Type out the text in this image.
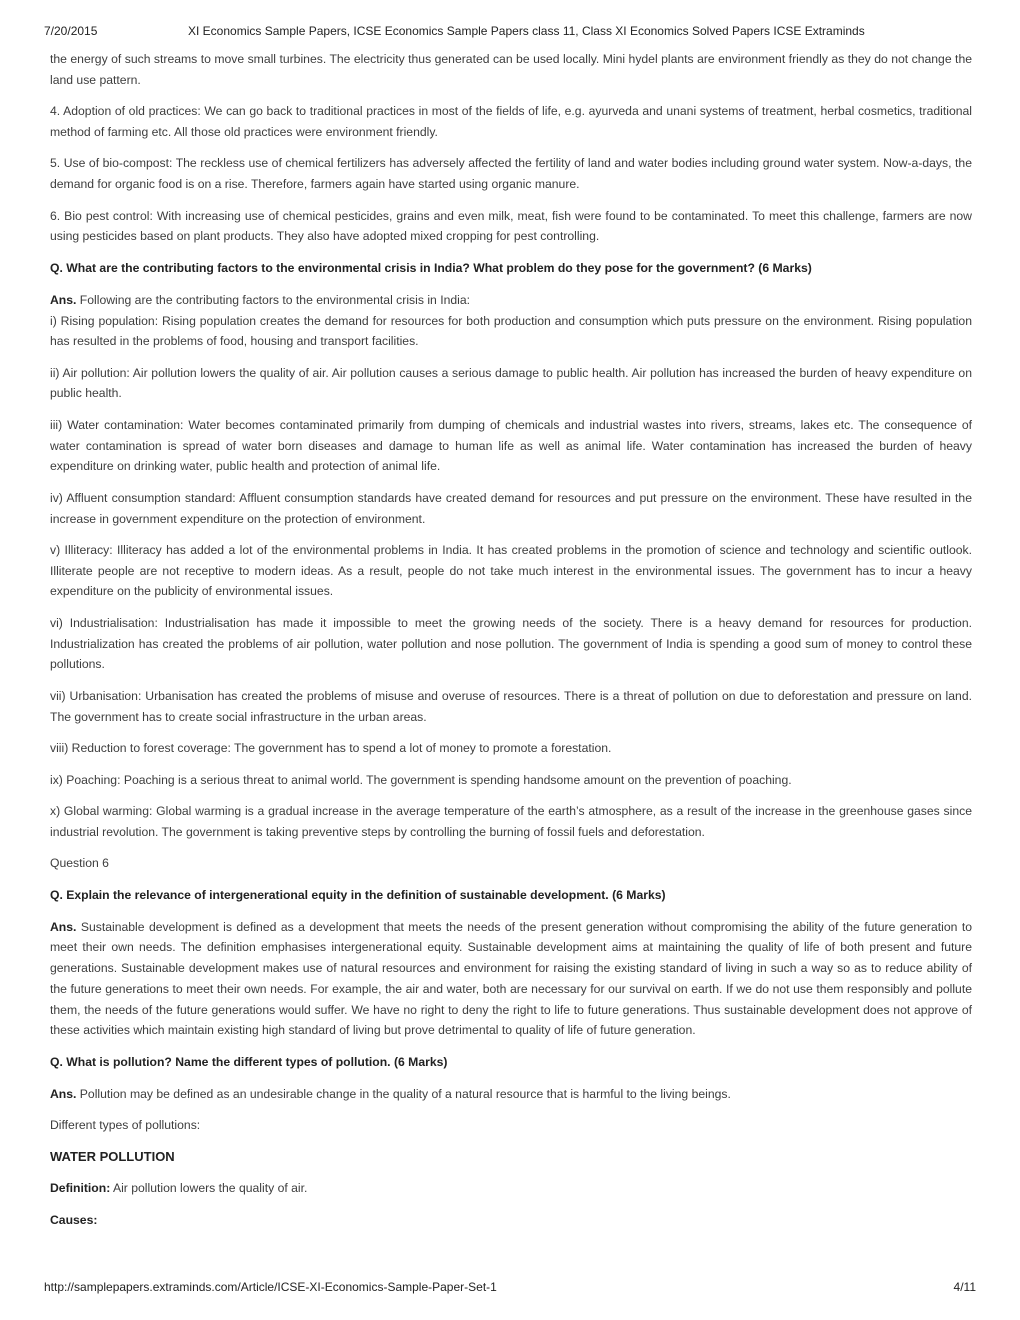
7/20/2015	XI Economics Sample Papers, ICSE Economics Sample Papers class 11, Class XI Economics Solved Papers ICSE Extraminds

the energy of such streams to move small turbines. The electricity thus generated can be used locally. Mini hydel plants are environment friendly as they do not change the land use pattern.

4. Adoption of old practices: We can go back to traditional practices in most of the fields of life, e.g. ayurveda and unani systems of treatment, herbal cosmetics, traditional method of farming etc. All those old practices were environment friendly.

5. Use of bio-compost: The reckless use of chemical fertilizers has adversely affected the fertility of land and water bodies including ground water system. Now-a-days, the demand for organic food is on a rise. Therefore, farmers again have started using organic manure.

6. Bio pest control: With increasing use of chemical pesticides, grains and even milk, meat, fish were found to be contaminated. To meet this challenge, farmers are now using pesticides based on plant products. They also have adopted mixed cropping for pest controlling.

Q. What are the contributing factors to the environmental crisis in India? What problem do they pose for the government? (6 Marks)

Ans. Following are the contributing factors to the environmental crisis in India:

i) Rising population: Rising population creates the demand for resources for both production and consumption which puts pressure on the environment. Rising population has resulted in the problems of food, housing and transport facilities.

ii) Air pollution: Air pollution lowers the quality of air. Air pollution causes a serious damage to public health. Air pollution has increased the burden of heavy expenditure on public health.

iii) Water contamination: Water becomes contaminated primarily from dumping of chemicals and industrial wastes into rivers, streams, lakes etc. The consequence of water contamination is spread of water born diseases and damage to human life as well as animal life. Water contamination has increased the burden of heavy expenditure on drinking water, public health and protection of animal life.

iv) Affluent consumption standard: Affluent consumption standards have created demand for resources and put pressure on the environment. These have resulted in the increase in government expenditure on the protection of environment.

v) Illiteracy: Illiteracy has added a lot of the environmental problems in India. It has created problems in the promotion of science and technology and scientific outlook. Illiterate people are not receptive to modern ideas. As a result, people do not take much interest in the environmental issues. The government has to incur a heavy expenditure on the publicity of environmental issues.

vi) Industrialisation: Industrialisation has made it impossible to meet the growing needs of the society. There is a heavy demand for resources for production. Industrialization has created the problems of air pollution, water pollution and nose pollution. The government of India is spending a good sum of money to control these pollutions.

vii) Urbanisation: Urbanisation has created the problems of misuse and overuse of resources. There is a threat of pollution on due to deforestation and pressure on land. The government has to create social infrastructure in the urban areas.

viii) Reduction to forest coverage: The government has to spend a lot of money to promote a forestation.

ix) Poaching: Poaching is a serious threat to animal world. The government is spending handsome amount on the prevention of poaching.

x) Global warming: Global warming is a gradual increase in the average temperature of the earth’s atmosphere, as a result of the increase in the greenhouse gases since industrial revolution. The government is taking preventive steps by controlling the burning of fossil fuels and deforestation.

Question 6

Q. Explain the relevance of intergenerational equity in the definition of sustainable development. (6 Marks)

Ans. Sustainable development is defined as a development that meets the needs of the present generation without compromising the ability of the future generation to meet their own needs. The definition emphasises intergenerational equity. Sustainable development aims at maintaining the quality of life of both present and future generations. Sustainable development makes use of natural resources and environment for raising the existing standard of living in such a way so as to reduce ability of the future generations to meet their own needs. For example, the air and water, both are necessary for our survival on earth. If we do not use them responsibly and pollute them, the needs of the future generations would suffer. We have no right to deny the right to life to future generations. Thus sustainable development does not approve of these activities which maintain existing high standard of living but prove detrimental to quality of life of future generation.

Q. What is pollution? Name the different types of pollution. (6 Marks)

Ans. Pollution may be defined as an undesirable change in the quality of a natural resource that is harmful to the living beings.

Different types of pollutions:

WATER POLLUTION

Definition: Air pollution lowers the quality of air.

Causes:

http://samplepapers.extraminds.com/Article/ICSE-XI-Economics-Sample-Paper-Set-1	4/11
